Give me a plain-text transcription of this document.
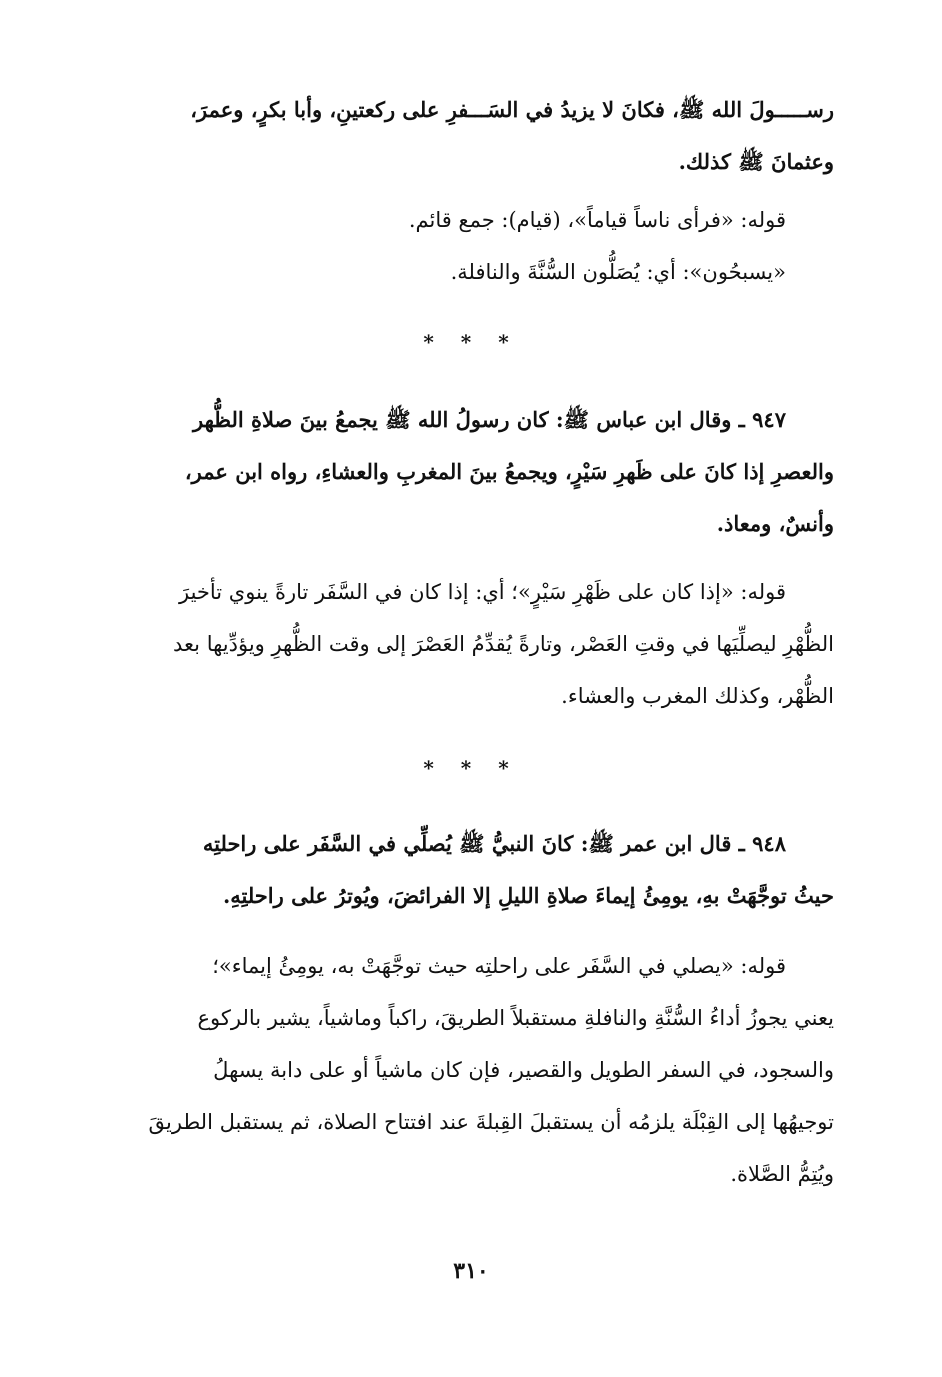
رســـــولَ الله ﷺ، فكانَ لا يزيدُ في السَـــفرِ على ركعتينِ، وأبا بكرٍ، وعمرَ،
وعثمانَ ﷺ كذلك.
قوله: «فرأى ناساً قياماً»، (قيام): جمع قائم.
«يسبحُون»: أي: يُصَلُّون السُّنَّةَ والنافلة.
* * *
٩٤٧ ـ وقال ابن عباس ﷺ: كان رسولُ الله ﷺ يجمعُ بينَ صلاةِ الظُّهر
والعصرِ إذا كانَ على ظَهرِ سَيْرٍ، ويجمعُ بينَ المغربِ والعشاءِ، رواه ابن عمر،
وأنسٌ، ومعاذ.
قوله: «إذا كان على ظَهْرِ سَيْرٍ»؛ أي: إذا كان في السَّفَر تارةً ينوي تأخيرَ
الظُّهْرِ ليصلِّيَها في وقتِ العَصْر، وتارةً يُقدِّمُ العَصْرَ إلى وقت الظُّهرِ ويؤدِّيها بعد
الظُّهْر، وكذلك المغرب والعشاء.
* * *
٩٤٨ ـ قال ابن عمر ﷺ: كانَ النبيُّ ﷺ يُصلِّي في السَّفَر على راحلتِه
حيثُ توجَّهَتْ بهِ، يومِئُ إيماءَ صلاةِ الليلِ إلا الفرائضَ، ويُوترُ على راحلتِهِ.
قوله: «يصلي في السَّفَر على راحلتِه حيث توجَّهَتْ به، يومِئُ إيماء»؛
يعني يجوزُ أداءُ السُّنَّةِ والنافلةِ مستقبلاً الطريقَ، راكباً وماشياً، يشير بالركوع
والسجود، في السفر الطويل والقصير، فإن كان ماشياً أو على دابة يسهلُ
توجيهُها إلى القِبْلَة يلزمُه أن يستقبلَ القِبلةَ عند افتتاح الصلاة، ثم يستقبل الطريقَ
ويُتِمُّ الصَّلاة.
٣١٠
